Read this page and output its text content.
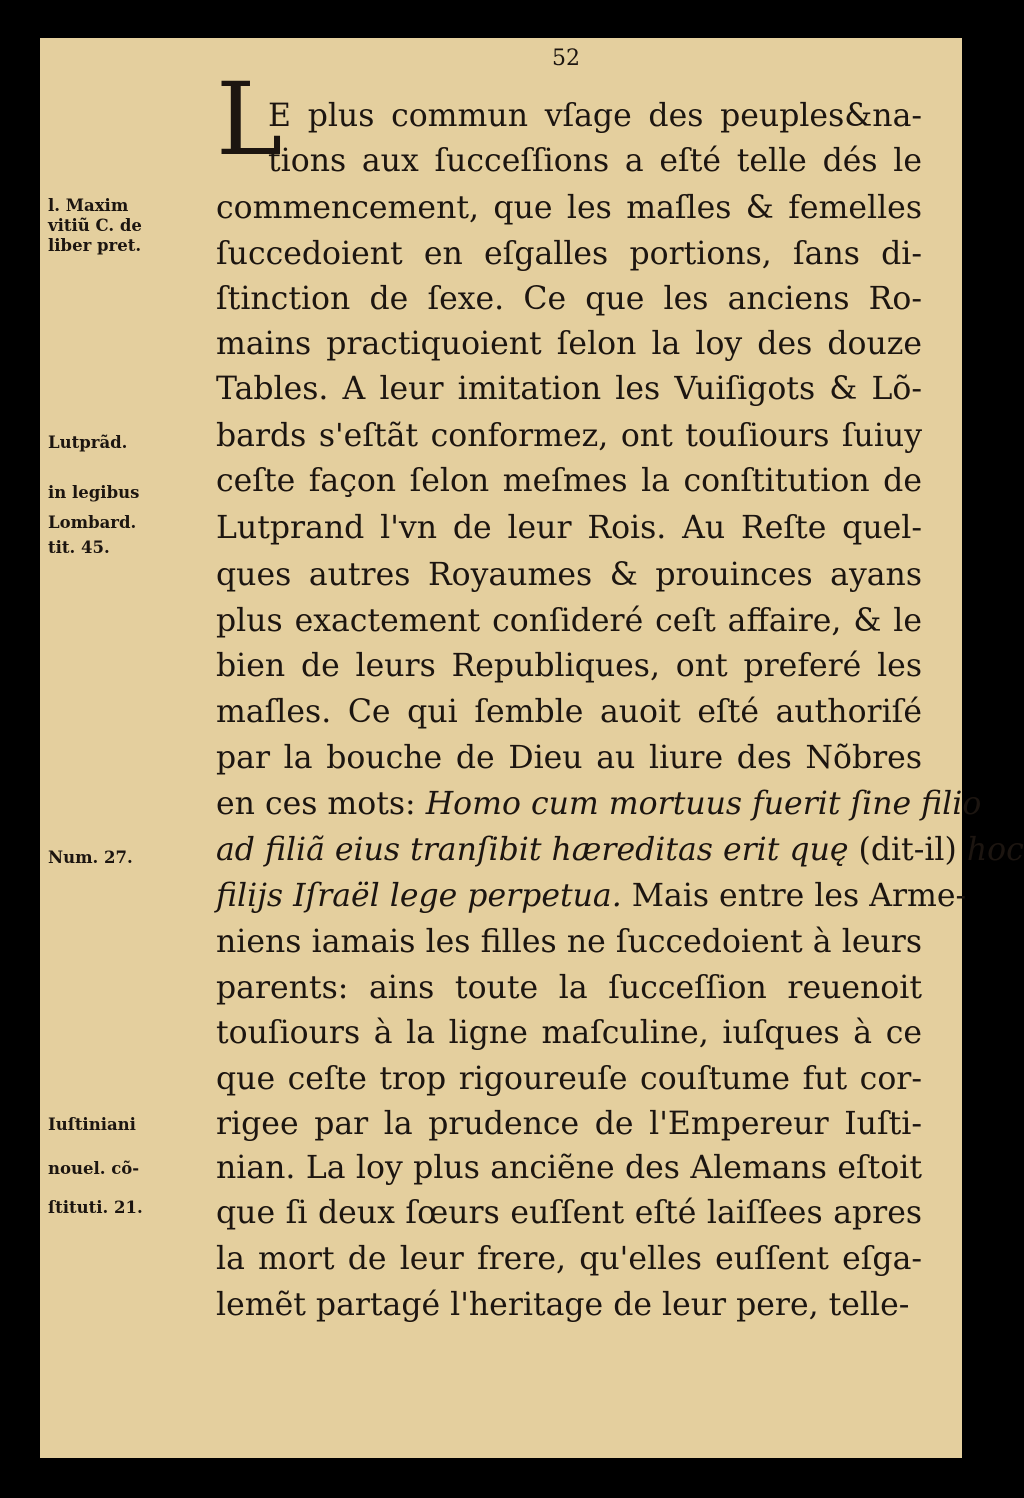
52
L
E plus commun vſage des peuples&na-
tions aux ſucceſſions a eſté telle dés le
commencement, que les maſles & femelles
ſuccedoient en eſgalles portions, ſans di-
ſtinction de ſexe. Ce que les anciens Ro-
mains practiquoient ſelon la loy des douze
Tables. A leur imitation les Vuiſigots & Lõ-
bards s'eſtãt conformez, ont touſiours ſuiuy
ceſte façon ſelon meſmes la conſtitution de
Lutprand l'vn de leur Rois. Au Reſte quel-
ques autres Royaumes & prouinces ayans
plus exactement conſideré ceſt affaire, & le
bien de leurs Republiques, ont preferé les
maſles. Ce qui ſemble auoit eſté authoriſé
par la bouche de Dieu au liure des Nõbres
en ces mots: Homo cum mortuus fuerit ſine filio
ad filiã eius tranſibit hæreditas erit quę (dit-il) hoc
filijs Iſraël lege perpetua. Mais entre les Arme-
niens iamais les filles ne ſuccedoient à leurs
parents: ains toute la ſucceſſion reuenoit
touſiours à la ligne maſculine, iuſques à ce
que ceſte trop rigoureuſe couſtume fut cor-
rigee par la prudence de l'Empereur Iuſti-
nian. La loy plus anciẽne des Alemans eſtoit
que ſi deux ſœurs euſſent eſté laiſſees apres
la mort de leur frere, qu'elles euſſent eſga-
lemẽt partagé l'heritage de leur pere, telle-
l. Maxim
vitiũ C. de
liber pret.
Lutprãd.
in legibus
Lombard.
tit. 45.
Num. 27.
Iuſtiniani
nouel. cõ-
ſtituti. 21.
